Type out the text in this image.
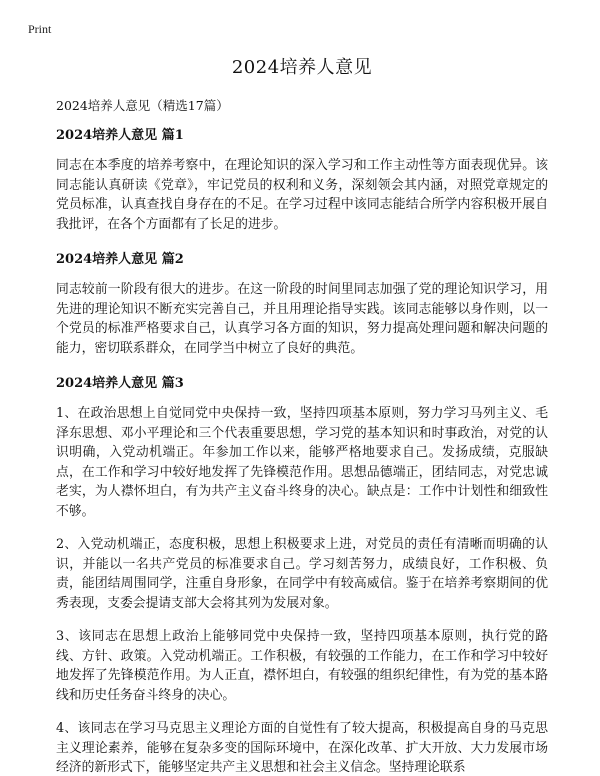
Print
2024培养人意见

2024培养人意见（精选17篇）

2024培养人意见 篇1

同志在本季度的培养考察中，在理论知识的深入学习和工作主动性等方面表现优异。该同志能认真研读《党章》，牢记党员的权利和义务，深刻领会其内涵，对照党章规定的党员标准，认真查找自身存在的不足。在学习过程中该同志能结合所学内容积极开展自我批评，在各个方面都有了长足的进步。

2024培养人意见 篇2

同志较前一阶段有很大的进步。在这一阶段的时间里同志加强了党的理论知识学习，用先进的理论知识不断充实完善自己，并且用理论指导实践。该同志能够以身作则，以一个党员的标准严格要求自己，认真学习各方面的知识，努力提高处理问题和解决问题的能力，密切联系群众，在同学当中树立了良好的典范。

2024培养人意见 篇3

1、在政治思想上自觉同党中央保持一致，坚持四项基本原则，努力学习马列主义、毛泽东思想、邓小平理论和三个代表重要思想，学习党的基本知识和时事政治，对党的认识明确，入党动机端正。年参加工作以来，能够严格地要求自己。发扬成绩，克服缺点，在工作和学习中较好地发挥了先锋模范作用。思想品德端正，团结同志，对党忠诚老实，为人襟怀坦白，有为共产主义奋斗终身的决心。缺点是：工作中计划性和细致性不够。

2、入党动机端正，态度积极，思想上积极要求上进，对党员的责任有清晰而明确的认识，并能以一名共产党员的标准要求自己。学习刻苦努力，成绩良好，工作积极、负责，能团结周围同学，注重自身形象，在同学中有较高威信。鉴于在培养考察期间的优秀表现，支委会提请支部大会将其列为发展对象。

3、该同志在思想上政治上能够同党中央保持一致，坚持四项基本原则，执行党的路线、方针、政策。入党动机端正。工作积极，有较强的工作能力，在工作和学习中较好地发挥了先锋模范作用。为人正直，襟怀坦白，有较强的组织纪律性，有为党的基本路线和历史任务奋斗终身的决心。

4、该同志在学习马克思主义理论方面的自觉性有了较大提高，积极提高自身的马克思主义理论素养，能够在复杂多变的国际环境中，在深化改革、扩大开放、大力发展市场经济的新形式下，能够坚定共产主义思想和社会主义信念。坚持理论联系
